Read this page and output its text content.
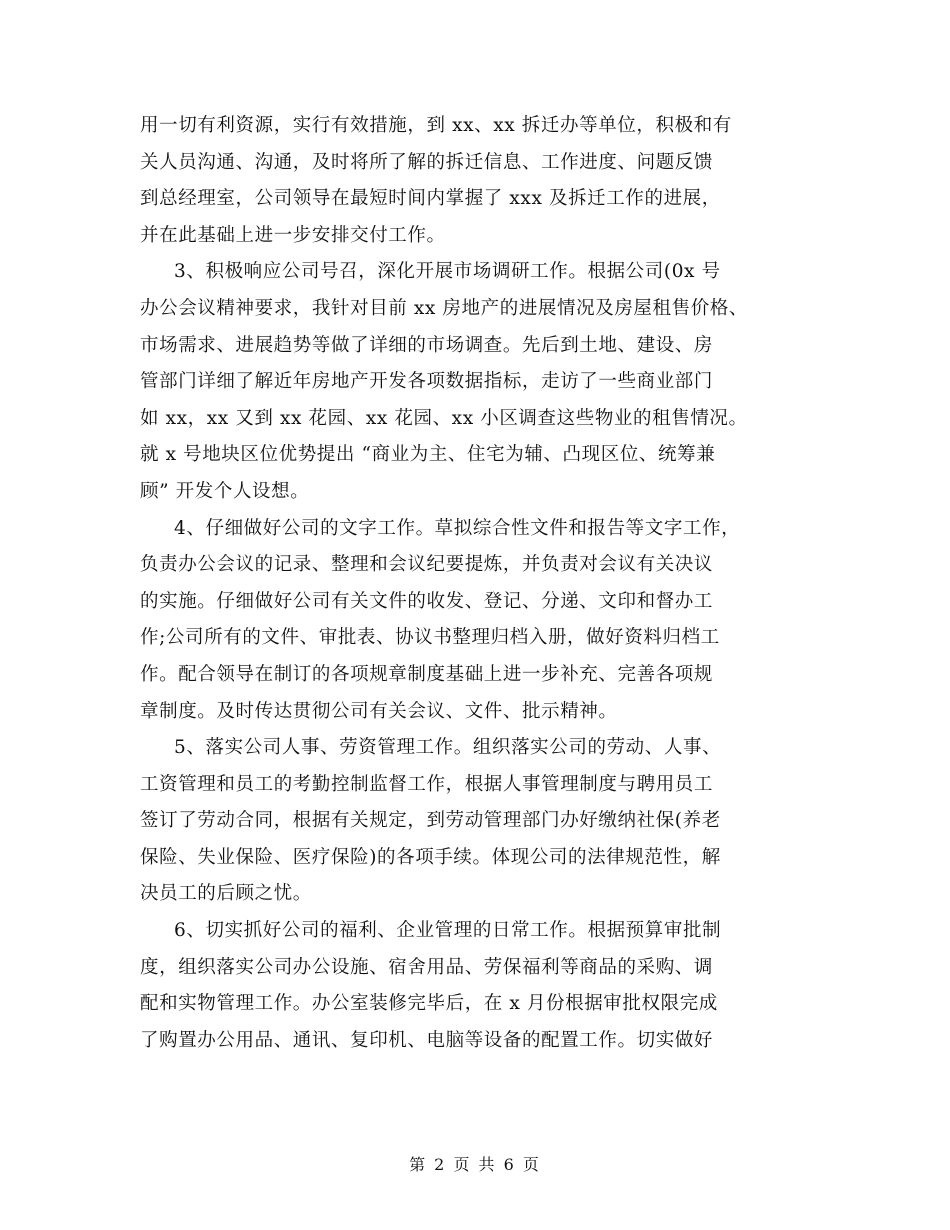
用一切有利资源，实行有效措施，到 xx、xx 拆迁办等单位，积极和有
关人员沟通、沟通，及时将所了解的拆迁信息、工作进度、问题反馈
到总经理室，公司领导在最短时间内掌握了 xxx 及拆迁工作的进展，
并在此基础上进一步安排交付工作。
3、积极响应公司号召，深化开展市场调研工作。根据公司(0x 号
办公会议精神要求，我针对目前 xx 房地产的进展情况及房屋租售价格、
市场需求、进展趋势等做了详细的市场调查。先后到土地、建设、房
管部门详细了解近年房地产开发各项数据指标，走访了一些商业部门
如 xx，xx 又到 xx 花园、xx 花园、xx 小区调查这些物业的租售情况。
就 x 号地块区位优势提出 “商业为主、住宅为辅、凸现区位、统筹兼
顾” 开发个人设想。
4、仔细做好公司的文字工作。草拟综合性文件和报告等文字工作，
负责办公会议的记录、整理和会议纪要提炼，并负责对会议有关决议
的实施。仔细做好公司有关文件的收发、登记、分递、文印和督办工
作;公司所有的文件、审批表、协议书整理归档入册，做好资料归档工
作。配合领导在制订的各项规章制度基础上进一步补充、完善各项规
章制度。及时传达贯彻公司有关会议、文件、批示精神。
5、落实公司人事、劳资管理工作。组织落实公司的劳动、人事、
工资管理和员工的考勤控制监督工作，根据人事管理制度与聘用员工
签订了劳动合同，根据有关规定，到劳动管理部门办好缴纳社保(养老
保险、失业保险、医疗保险)的各项手续。体现公司的法律规范性，解
决员工的后顾之忧。
6、切实抓好公司的福利、企业管理的日常工作。根据预算审批制
度，组织落实公司办公设施、宿舍用品、劳保福利等商品的采购、调
配和实物管理工作。办公室装修完毕后，在 x 月份根据审批权限完成
了购置办公用品、通讯、复印机、电脑等设备的配置工作。切实做好
第 2 页 共 6 页
